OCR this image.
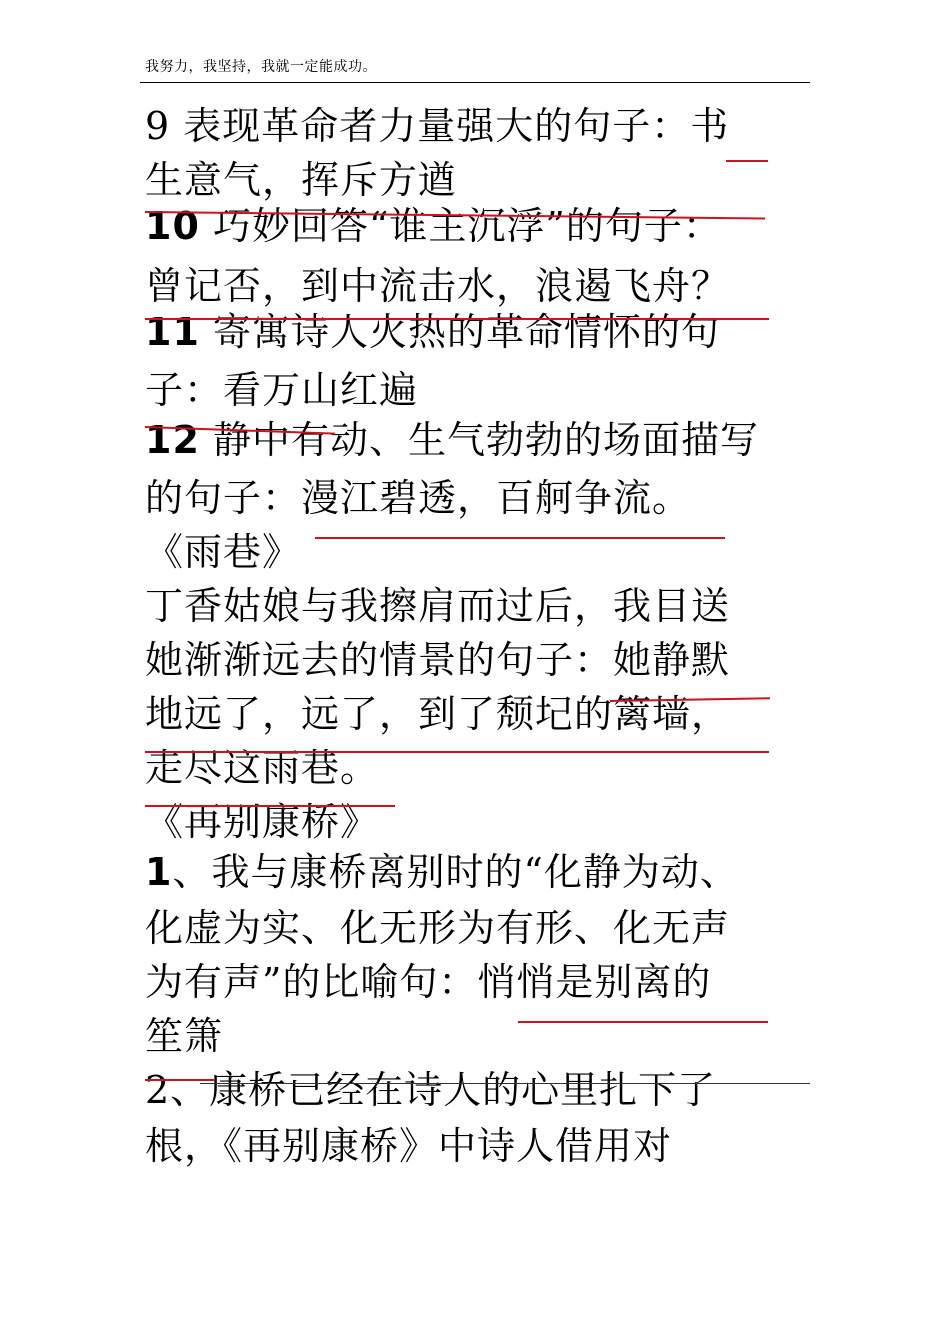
我努力，我坚持，我就一定能成功。
9 表现革命者力量强大的句子：书
生意气，挥斥方遒
10 巧妙回答“谁主沉浮”的句子：
曾记否，到中流击水，浪遏飞舟？
11 寄寓诗人火热的革命情怀的句
子：看万山红遍
12 静中有动、生气勃勃的场面描写
的句子：漫江碧透，百舸争流。
《雨巷》
丁香姑娘与我擦肩而过后，我目送
她渐渐远去的情景的句子：她静默
地远了，远了，到了颓圮的篱墙，
走尽这雨巷。
《再别康桥》
1、我与康桥离别时的“化静为动、
化虚为实、化无形为有形、化无声
为有声”的比喻句：悄悄是别离的
笙箫
2、康桥已经在诗人的心里扎下了
根，《再别康桥》中诗人借用对
